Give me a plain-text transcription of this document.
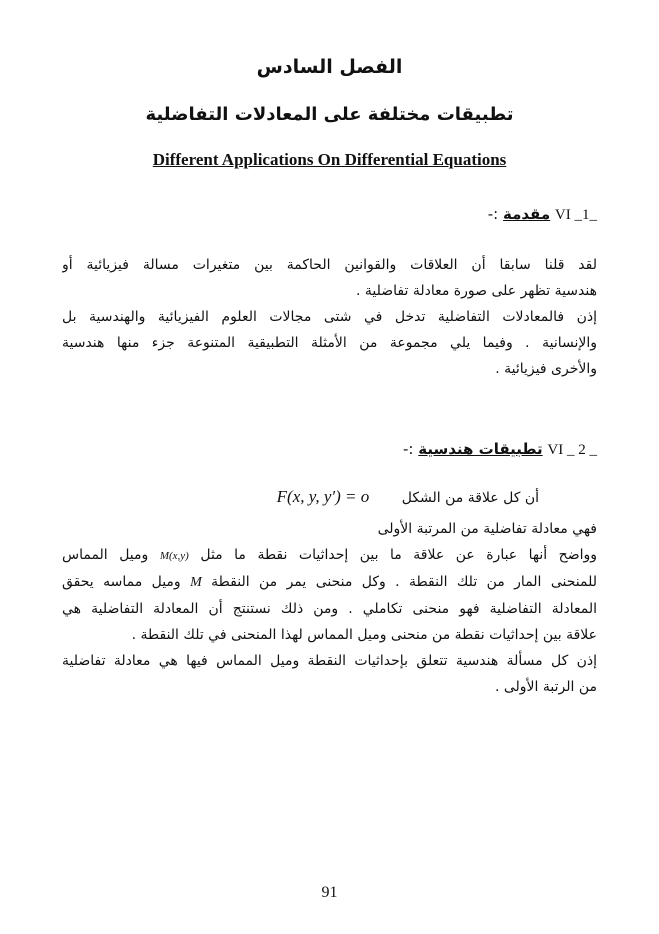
الفصل السادس
تطبيقات مختلفة على المعادلات التفاضلية
Different Applications On Differential Equations
VI _1_ مقدمة :-
لقد قلنا سابقا أن العلاقات والقوانين الحاكمة بين متغيرات مسالة فيزيائية أو
هندسية تظهر على صورة معادلة تفاضلية .
إذن فالمعادلات التفاضلية تدخل في شتى مجالات العلوم الفيزيائية والهندسية بل
والإنسانية . وفيما يلي مجموعة من الأمثلة التطبيقية المتنوعة جزء منها هندسية
والأخرى فيزيائية .
VI _ 2 _ تطبيقات هندسية :-
أن كل علاقة من الشكل F(x, y, y′) = o
فهي معادلة تفاضلية من المرتبة الأولى
وواضح أنها عبارة عن علاقة ما بين إحداثيات نقطة ما مثل M(x,y) وميل المماس
للمنحنى المار من تلك النقطة . وكل منحنى يمر من النقطة M وميل مماسه يحقق
المعادلة التفاضلية فهو منحنى تكاملي . ومن ذلك نستنتج أن المعادلة التفاضلية هي
علاقة بين إحداثيات نقطة من منحنى وميل المماس لهذا المنحنى في تلك النقطة .
إذن كل مسألة هندسية تتعلق بإحداثيات النقطة وميل المماس فيها هي معادلة تفاضلية
من الرتبة الأولى .
91
